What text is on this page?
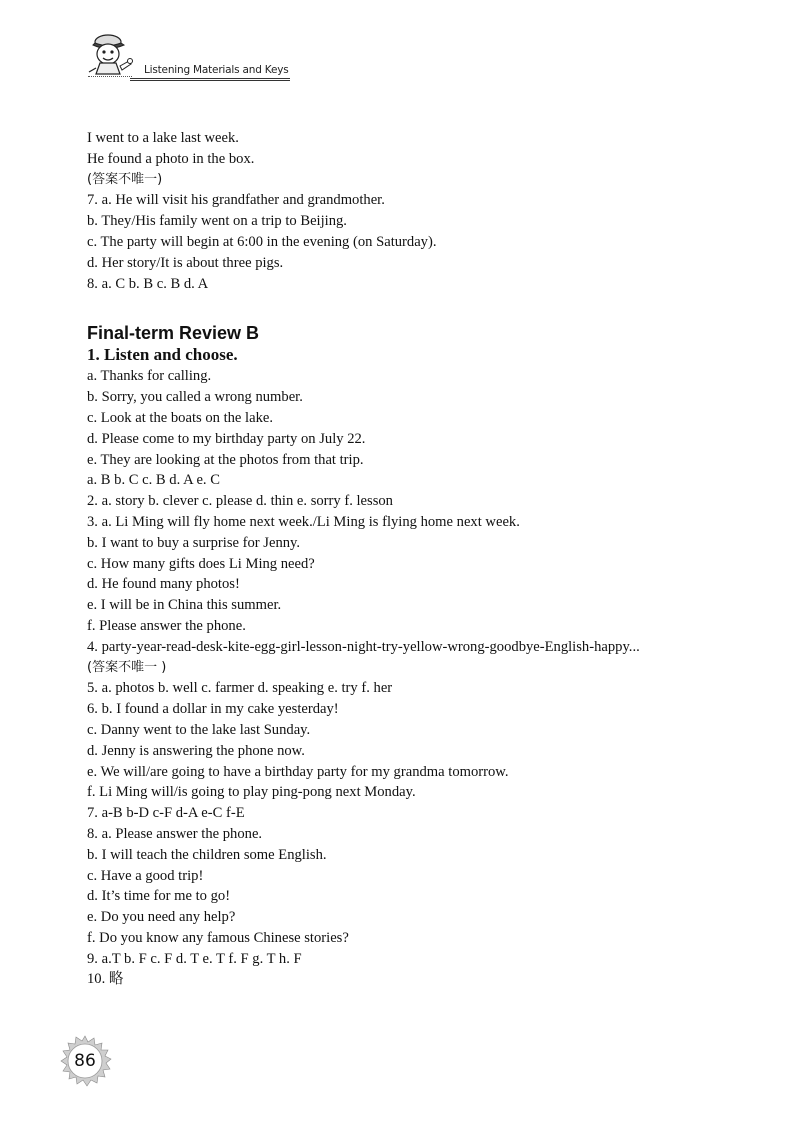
Listening Materials and Keys
I went to a lake last week.
He found a photo in the box.
(答案不唯一)
7. a. He will visit his grandfather and grandmother.
b. They/His family went on a trip to Beijing.
c. The party will begin at 6:00 in the evening (on Saturday).
d. Her story/It is about three pigs.
8. a. C b. B c. B d. A
Final-term Review B
1. Listen and choose.
a. Thanks for calling.
b. Sorry, you called a wrong number.
c. Look at the boats on the lake.
d. Please come to my birthday party on July 22.
e. They are looking at the photos from that trip.
a. B b. C c. B d. A e. C
2. a. story b. clever c. please d. thin e. sorry f. lesson
3. a. Li Ming will fly home next week./Li Ming is flying home next week.
b. I want to buy a surprise for Jenny.
c. How many gifts does Li Ming need?
d. He found many photos!
e. I will be in China this summer.
f. Please answer the phone.
4. party-year-read-desk-kite-egg-girl-lesson-night-try-yellow-wrong-goodbye-English-happy...
(答案不唯一 )
5. a. photos b. well c. farmer d. speaking e. try f. her
6. b. I found a dollar in my cake yesterday!
c. Danny went to the lake last Sunday.
d. Jenny is answering the phone now.
e. We will/are going to have a birthday party for my grandma tomorrow.
f. Li Ming will/is going to play ping-pong next Monday.
7. a-B b-D c-F d-A e-C f-E
8. a. Please answer the phone.
b. I will teach the children some English.
c. Have a good trip!
d. It’s time for me to go!
e. Do you need any help?
f. Do you know any famous Chinese stories?
9. a.T b. F c. F d. T e. T f. F g. T h. F
10. 略
86
